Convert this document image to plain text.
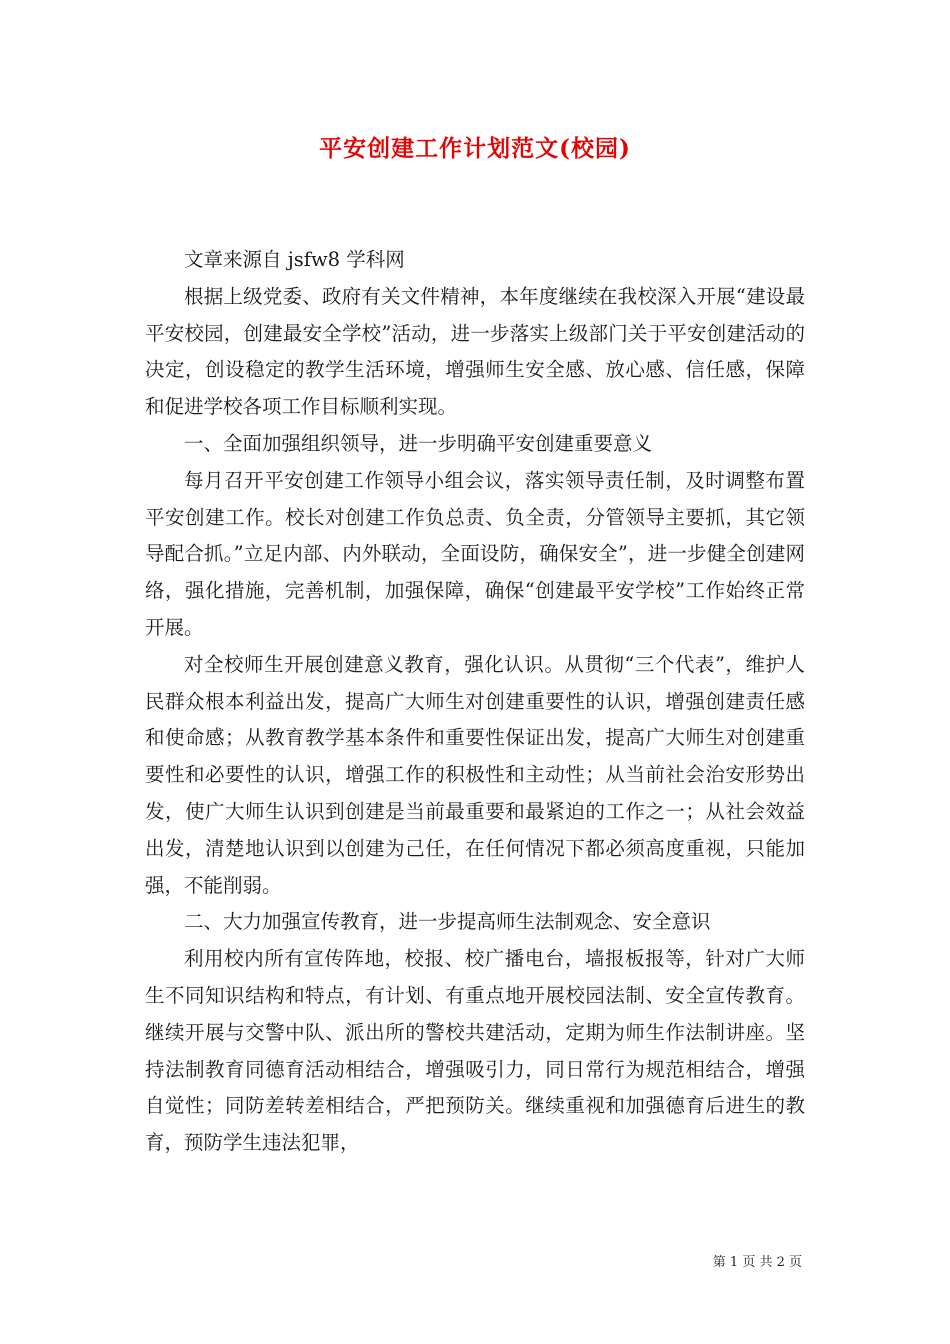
平安创建工作计划范文(校园)

文章来源自 jsfw8 学科网

根据上级党委、政府有关文件精神，本年度继续在我校深入开展“建设最平安校园，创建最安全学校”活动，进一步落实上级部门关于平安创建活动的决定，创设稳定的教学生活环境，增强师生安全感、放心感、信任感，保障和促进学校各项工作目标顺利实现。

一、全面加强组织领导，进一步明确平安创建重要意义

每月召开平安创建工作领导小组会议，落实领导责任制，及时调整布置平安创建工作。校长对创建工作负总责、负全责，分管领导主要抓，其它领导配合抓。”立足内部、内外联动，全面设防，确保安全”，进一步健全创建网络，强化措施，完善机制，加强保障，确保“创建最平安学校”工作始终正常开展。

对全校师生开展创建意义教育，强化认识。从贯彻“三个代表”，维护人民群众根本利益出发，提高广大师生对创建重要性的认识，增强创建责任感和使命感；从教育教学基本条件和重要性保证出发，提高广大师生对创建重要性和必要性的认识，增强工作的积极性和主动性；从当前社会治安形势出发，使广大师生认识到创建是当前最重要和最紧迫的工作之一；从社会效益出发，清楚地认识到以创建为己任，在任何情况下都必须高度重视，只能加强，不能削弱。

二、大力加强宣传教育，进一步提高师生法制观念、安全意识

利用校内所有宣传阵地，校报、校广播电台，墙报板报等，针对广大师生不同知识结构和特点，有计划、有重点地开展校园法制、安全宣传教育。继续开展与交警中队、派出所的警校共建活动，定期为师生作法制讲座。坚持法制教育同德育活动相结合，增强吸引力，同日常行为规范相结合，增强自觉性；同防差转差相结合，严把预防关。继续重视和加强德育后进生的教育，预防学生违法犯罪，

第 1 页 共 2 页
